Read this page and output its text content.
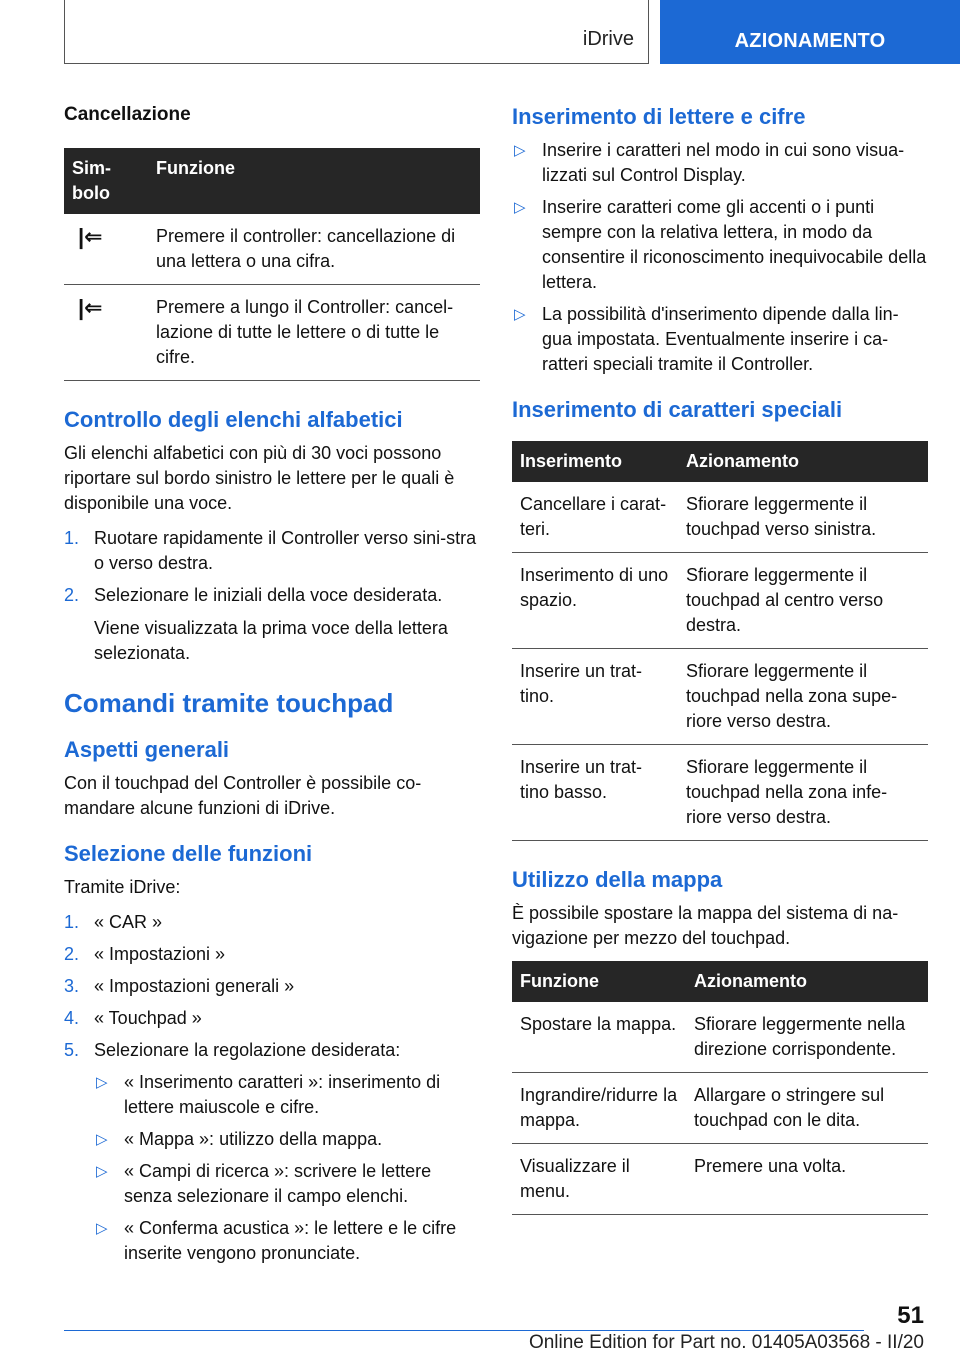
iDrive	AZIONAMENTO
Cancellazione
Sim-
bolo	Funzione
|⇐	Premere il controller: cancellazione di una lettera o una cifra.
|⇐	Premere a lungo il Controller: cancel-lazione di tutte le lettere o di tutte le cifre.
Controllo degli elenchi alfabetici

Gli elenchi alfabetici con più di 30 voci possono riportare sul bordo sinistro le lettere per le quali è disponibile una voce.

1. Ruotare rapidamente il Controller verso sini-stra o verso destra.
2. Selezionare le iniziali della voce desiderata.
Viene visualizzata la prima voce della lettera selezionata.
Comandi tramite touchpad
Aspetti generali

Con il touchpad del Controller è possibile co-mandare alcune funzioni di iDrive.

Selezione delle funzioni

Tramite iDrive:

1. « CAR »
2. « Impostazioni »
3. « Impostazioni generali »
4. « Touchpad »
5. Selezionare la regolazione desiderata:
▷ « Inserimento caratteri »: inserimento di lettere maiuscole e cifre.
▷ « Mappa »: utilizzo della mappa.
▷ « Campi di ricerca »: scrivere le lettere senza selezionare il campo elenchi.
▷ « Conferma acustica »: le lettere e le cifre inserite vengono pronunciate.
Inserimento di lettere e cifre
▷ Inserire i caratteri nel modo in cui sono visua-lizzati sul Control Display.
▷ Inserire caratteri come gli accenti o i punti sempre con la relativa lettera, in modo da consentire il riconoscimento inequivocabile della lettera.
▷ La possibilità d'inserimento dipende dalla lin-gua impostata. Eventualmente inserire i ca-ratteri speciali tramite il Controller.
Inserimento di caratteri speciali
Inserimento	Azionamento
Cancellare i carat-teri.	Sfiorare leggermente il touchpad verso sinistra.
Inserimento di uno spazio.	Sfiorare leggermente il touchpad al centro verso destra.
Inserire un trat-tino.	Sfiorare leggermente il touchpad nella zona supe-riore verso destra.
Inserire un trat-tino basso.	Sfiorare leggermente il touchpad nella zona infe-riore verso destra.
Utilizzo della mappa

È possibile spostare la mappa del sistema di na-vigazione per mezzo del touchpad.

Funzione	Azionamento
Spostare la mappa.	Sfiorare leggermente nella direzione corrispondente.
Ingrandire/ridurre la mappa.	Allargare o stringere sul touchpad con le dita.
Visualizzare il menu.	Premere una volta.
51
Online Edition for Part no. 01405A03568 - II/20
